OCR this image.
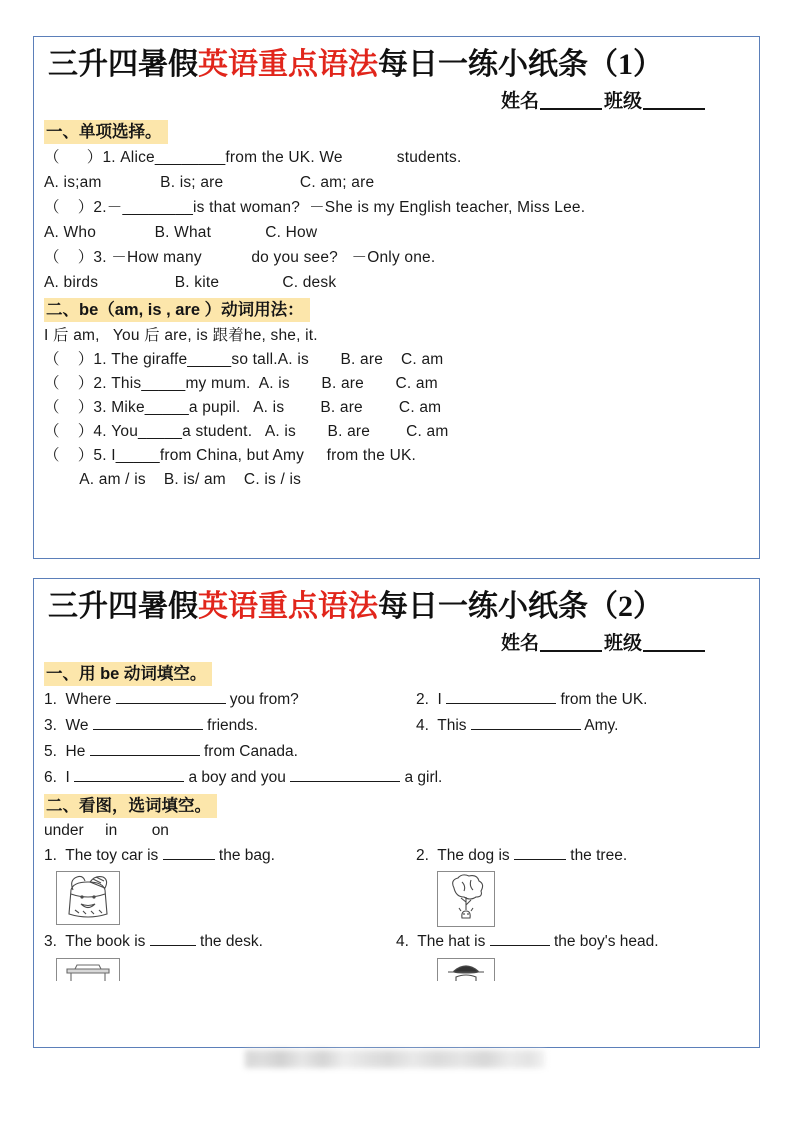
三升四暑假英语重点语法每日一练小纸条（1）
姓名	班级
一、单项选择。
（      ）1. Alice________from the UK. We            students.
A. is;am             B. is; are                 C. am; are
（    ）2.－________is that woman?  －She is my English teacher, Miss Lee.
A. Who             B. What            C. How
（    ）3. －How many           do you see?   －Only one.
A. birds                 B. kite              C. desk
二、be（am, is , are ）动词用法：
I 后 am,   You 后 are, is 跟着he, she, it.
（    ）1. The giraffe_____so tall.A. is       B. are    C. am
（    ）2. This_____my mum.  A. is       B. are       C. am
（    ）3. Mike_____a pupil.   A. is        B. are        C. am
（    ）4. You_____a student.   A. is       B. are        C. am
（    ）5. I_____from China, but Amy     from the UK.
A. am / is    B. is/ am    C. is / is
三升四暑假英语重点语法每日一练小纸条（2）
姓名	班级
一、用 be 动词填空。
1.  Where	you from?	2.  I	from the UK.
3.  We	friends.	4.  This	Amy.
5.  He	from Canada.
6.  I	a boy and you	a girl.
二、看图，选词填空。
under     in        on
1.  The toy car is	the bag.	2.  The dog is	the tree.
3.  The book is	the desk.	4.  The hat is	the boy's head.
